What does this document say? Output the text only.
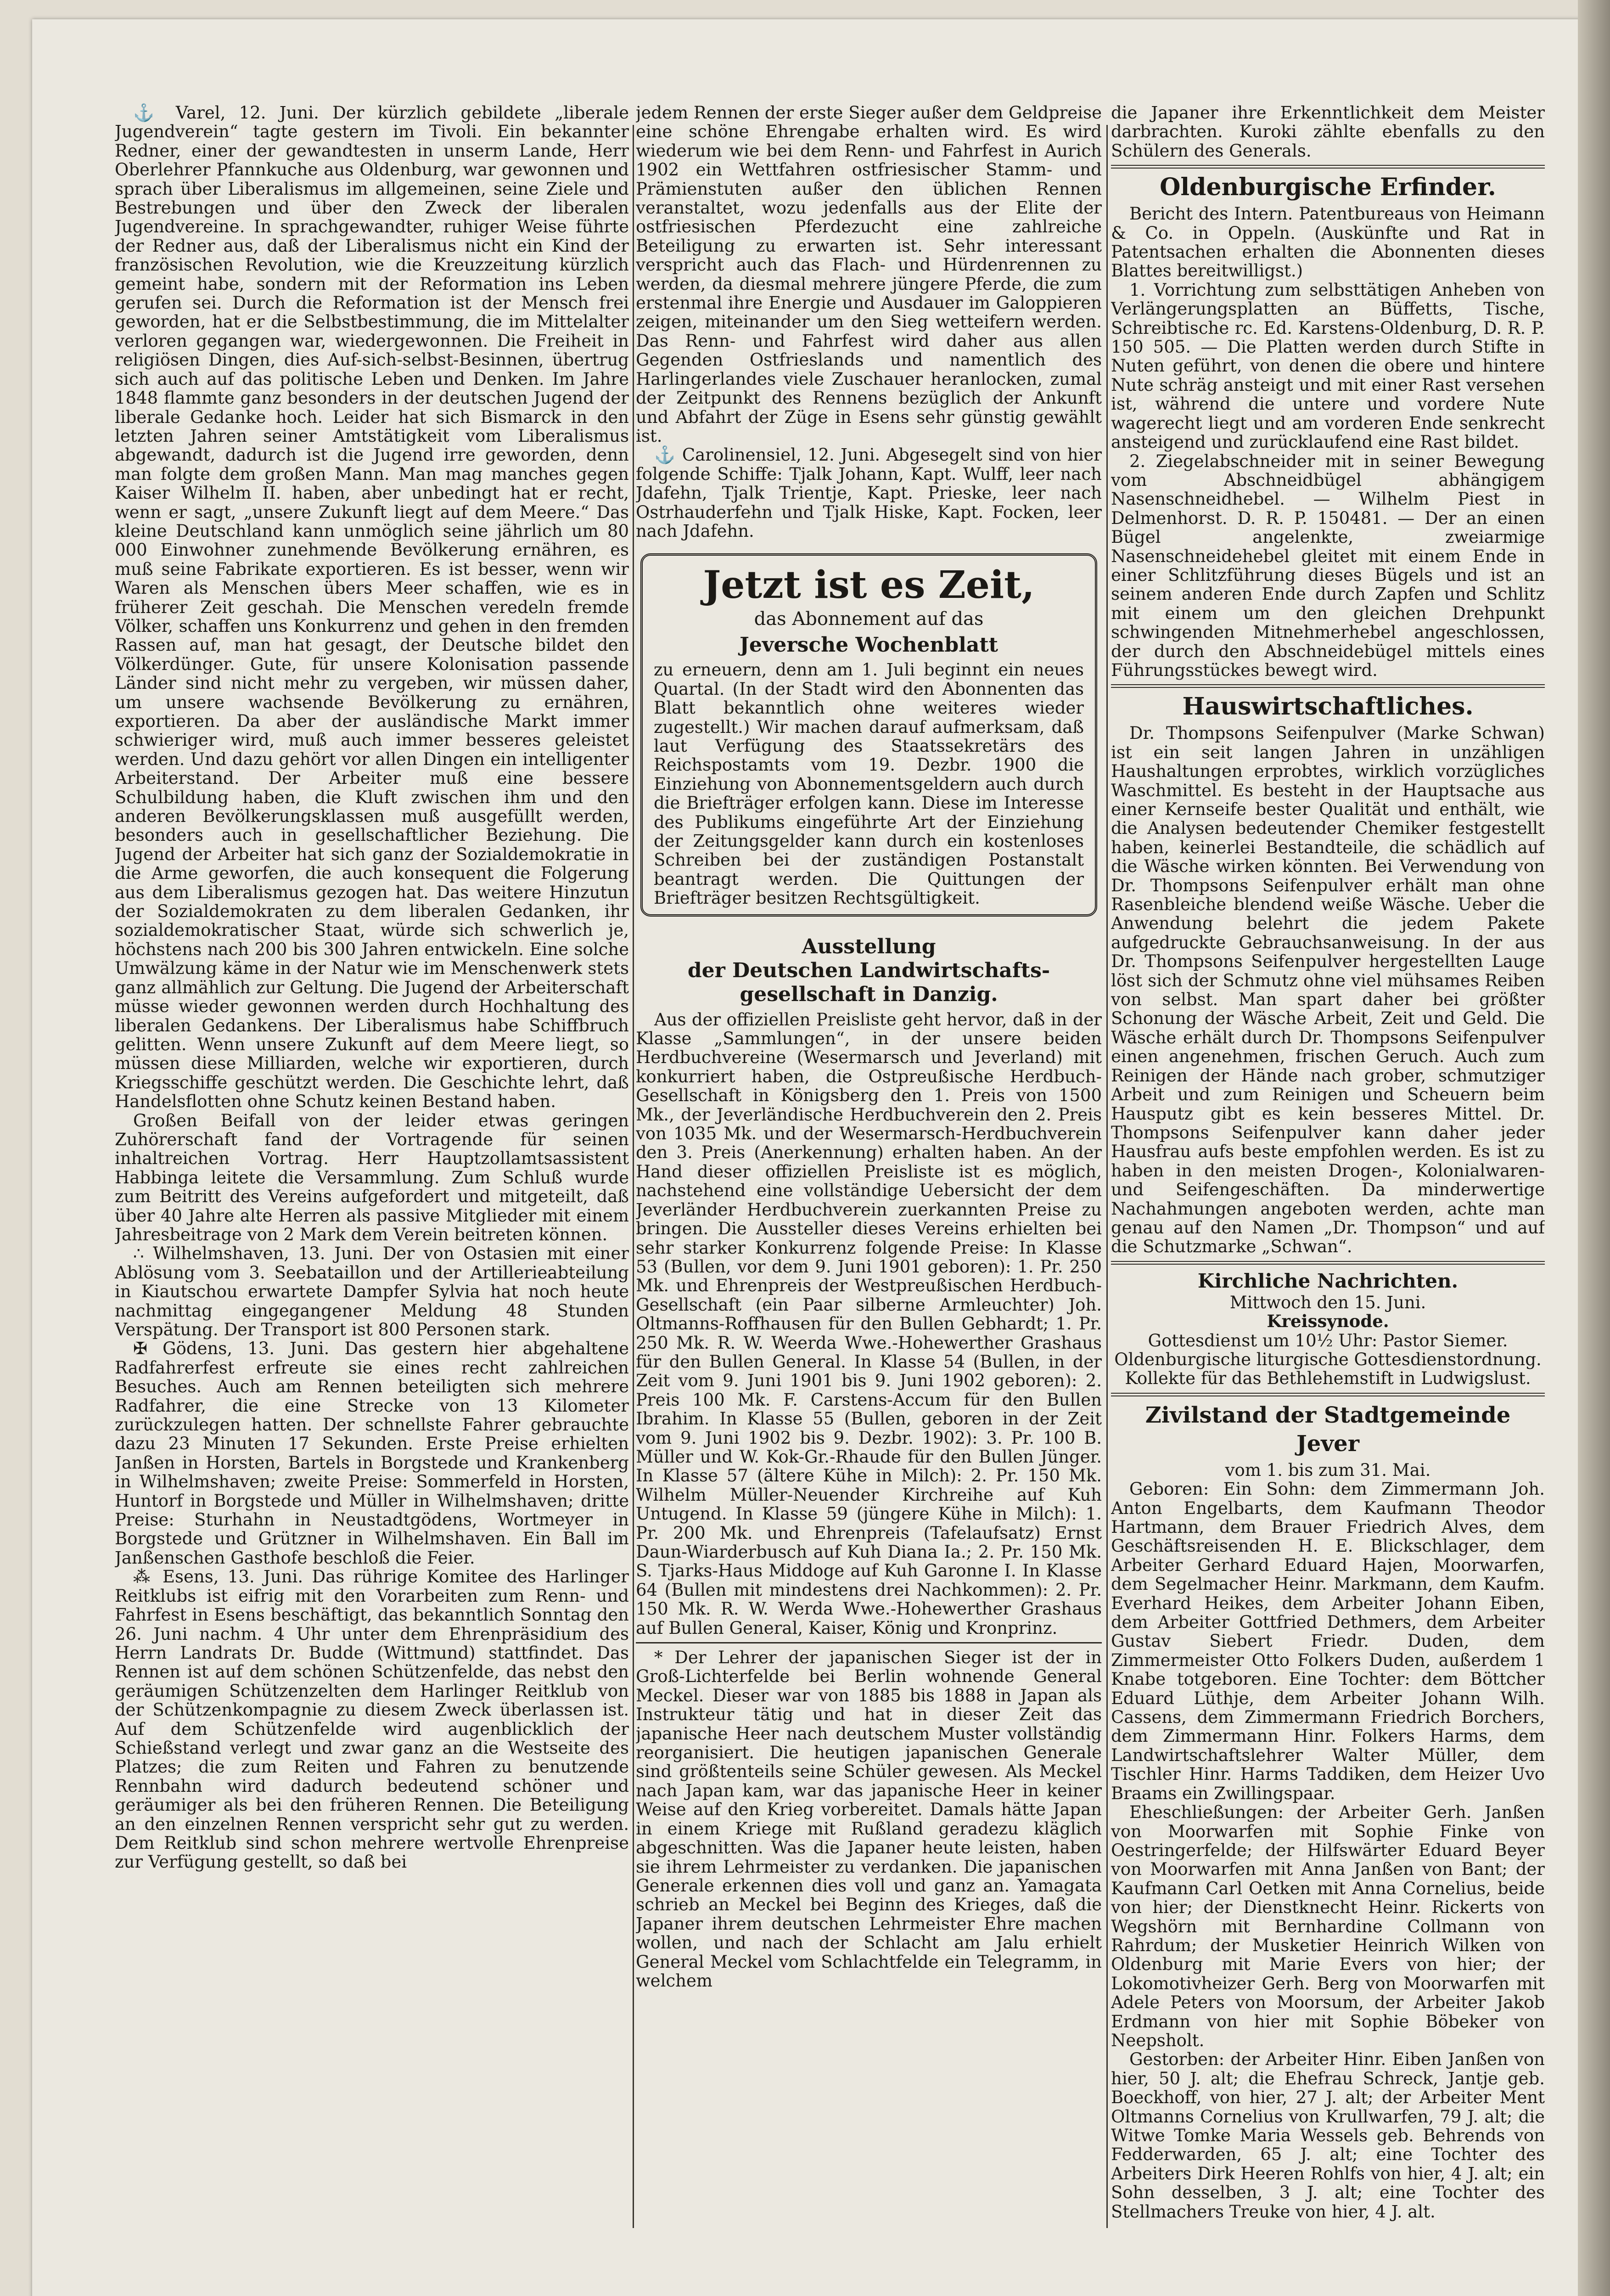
⚓ Varel, 12. Juni. Der kürzlich gebildete „liberale Jugendverein“ tagte gestern im Tivoli. Ein bekannter Redner, einer der gewandtesten in unserm Lande, Herr Oberlehrer Pfannkuche aus Oldenburg, war gewonnen und sprach über Liberalismus im allgemeinen, seine Ziele und Bestrebungen und über den Zweck der liberalen Jugendvereine. In sprachgewandter, ruhiger Weise führte der Redner aus, daß der Liberalismus nicht ein Kind der französischen Revolution, wie die Kreuzzeitung kürzlich gemeint habe, sondern mit der Reformation ins Leben gerufen sei. Durch die Reformation ist der Mensch frei geworden, hat er die Selbstbestimmung, die im Mittelalter verloren gegangen war, wiedergewonnen. Die Freiheit in religiösen Dingen, dies Auf-sich-selbst-Besinnen, übertrug sich auch auf das politische Leben und Denken. Im Jahre 1848 flammte ganz besonders in der deutschen Jugend der liberale Gedanke hoch. Leider hat sich Bismarck in den letzten Jahren seiner Amtstätigkeit vom Liberalismus abgewandt, dadurch ist die Jugend irre geworden, denn man folgte dem großen Mann. Man mag manches gegen Kaiser Wilhelm II. haben, aber unbedingt hat er recht, wenn er sagt, „unsere Zukunft liegt auf dem Meere.“ Das kleine Deutschland kann unmöglich seine jährlich um 80 000 Einwohner zunehmende Bevölkerung ernähren, es muß seine Fabrikate exportieren. Es ist besser, wenn wir Waren als Menschen übers Meer schaffen, wie es in früherer Zeit geschah. Die Menschen veredeln fremde Völker, schaffen uns Konkurrenz und gehen in den fremden Rassen auf, man hat gesagt, der Deutsche bildet den Völkerdünger. Gute, für unsere Kolonisation passende Länder sind nicht mehr zu vergeben, wir müssen daher, um unsere wachsende Bevölkerung zu ernähren, exportieren. Da aber der ausländische Markt immer schwieriger wird, muß auch immer besseres geleistet werden. Und dazu gehört vor allen Dingen ein intelligenter Arbeiterstand. Der Arbeiter muß eine bessere Schulbildung haben, die Kluft zwischen ihm und den anderen Bevölkerungsklassen muß ausgefüllt werden, besonders auch in gesellschaftlicher Beziehung. Die Jugend der Arbeiter hat sich ganz der Sozialdemokratie in die Arme geworfen, die auch konsequent die Folgerung aus dem Liberalismus gezogen hat. Das weitere Hinzutun der Sozialdemokraten zu dem liberalen Gedanken, ihr sozialdemokratischer Staat, würde sich schwerlich je, höchstens nach 200 bis 300 Jahren entwickeln. Eine solche Umwälzung käme in der Natur wie im Menschenwerk stets ganz allmählich zur Geltung. Die Jugend der Arbeiterschaft müsse wieder gewonnen werden durch Hochhaltung des liberalen Gedankens. Der Liberalismus habe Schiffbruch gelitten. Wenn unsere Zukunft auf dem Meere liegt, so müssen diese Milliarden, welche wir exportieren, durch Kriegsschiffe geschützt werden. Die Geschichte lehrt, daß Handelsflotten ohne Schutz keinen Bestand haben.

Großen Beifall von der leider etwas geringen Zuhörerschaft fand der Vortragende für seinen inhaltreichen Vortrag. Herr Hauptzollamtsassistent Habbinga leitete die Versammlung. Zum Schluß wurde zum Beitritt des Vereins aufgefordert und mitgeteilt, daß über 40 Jahre alte Herren als passive Mitglieder mit einem Jahresbeitrage von 2 Mark dem Verein beitreten können.

∴ Wilhelmshaven, 13. Juni. Der von Ostasien mit einer Ablösung vom 3. Seebataillon und der Artillerieabteilung in Kiautschou erwartete Dampfer Sylvia hat noch heute nachmittag eingegangener Meldung 48 Stunden Verspätung. Der Transport ist 800 Personen stark.

✠ Gödens, 13. Juni. Das gestern hier abgehaltene Radfahrerfest erfreute sie eines recht zahlreichen Besuches. Auch am Rennen beteiligten sich mehrere Radfahrer, die eine Strecke von 13 Kilometer zurückzulegen hatten. Der schnellste Fahrer gebrauchte dazu 23 Minuten 17 Sekunden. Erste Preise erhielten Janßen in Horsten, Bartels in Borgstede und Krankenberg in Wilhelmshaven; zweite Preise: Sommerfeld in Horsten, Huntorf in Borgstede und Müller in Wilhelmshaven; dritte Preise: Sturhahn in Neustadtgödens, Wortmeyer in Borgstede und Grützner in Wilhelmshaven. Ein Ball im Janßenschen Gasthofe beschloß die Feier.

⁂ Esens, 13. Juni. Das rührige Komitee des Harlinger Reitklubs ist eifrig mit den Vorarbeiten zum Renn- und Fahrfest in Esens beschäftigt, das bekanntlich Sonntag den 26. Juni nachm. 4 Uhr unter dem Ehrenpräsidium des Herrn Landrats Dr. Budde (Wittmund) stattfindet. Das Rennen ist auf dem schönen Schützenfelde, das nebst den geräumigen Schützenzelten dem Harlinger Reitklub von der Schützenkompagnie zu diesem Zweck überlassen ist. Auf dem Schützenfelde wird augenblicklich der Schießstand verlegt und zwar ganz an die Westseite des Platzes; die zum Reiten und Fahren zu benutzende Rennbahn wird dadurch bedeutend schöner und geräumiger als bei den früheren Rennen. Die Beteiligung an den einzelnen Rennen verspricht sehr gut zu werden. Dem Reitklub sind schon mehrere wertvolle Ehrenpreise zur Verfügung gestellt, so daß bei

jedem Rennen der erste Sieger außer dem Geldpreise eine schöne Ehrengabe erhalten wird. Es wird wiederum wie bei dem Renn- und Fahrfest in Aurich 1902 ein Wettfahren ostfriesischer Stamm- und Prämienstuten außer den üblichen Rennen veranstaltet, wozu jedenfalls aus der Elite der ostfriesischen Pferdezucht eine zahlreiche Beteiligung zu erwarten ist. Sehr interessant verspricht auch das Flach- und Hürdenrennen zu werden, da diesmal mehrere jüngere Pferde, die zum erstenmal ihre Energie und Ausdauer im Galoppieren zeigen, miteinander um den Sieg wetteifern werden. Das Renn- und Fahrfest wird daher aus allen Gegenden Ostfrieslands und namentlich des Harlingerlandes viele Zuschauer heranlocken, zumal der Zeitpunkt des Rennens bezüglich der Ankunft und Abfahrt der Züge in Esens sehr günstig gewählt ist.

⚓ Carolinensiel, 12. Juni. Abgesegelt sind von hier folgende Schiffe: Tjalk Johann, Kapt. Wulff, leer nach Jdafehn, Tjalk Trientje, Kapt. Prieske, leer nach Ostrhauderfehn und Tjalk Hiske, Kapt. Focken, leer nach Jdafehn.

Jetzt ist es Zeit,
das Abonnement auf das
Jeversche Wochenblatt

zu erneuern, denn am 1. Juli beginnt ein neues Quartal. (In der Stadt wird den Abonnenten das Blatt bekanntlich ohne weiteres wieder zugestellt.) Wir machen darauf aufmerksam, daß laut Verfügung des Staatssekretärs des Reichspostamts vom 19. Dezbr. 1900 die Einziehung von Abonnementsgeldern auch durch die Briefträger erfolgen kann. Diese im Interesse des Publikums eingeführte Art der Einziehung der Zeitungsgelder kann durch ein kostenloses Schreiben bei der zuständigen Postanstalt beantragt werden. Die Quittungen der Briefträger besitzen Rechtsgültigkeit.

Ausstellung
der Deutschen Landwirtschafts-
gesellschaft in Danzig.

Aus der offiziellen Preisliste geht hervor, daß in der Klasse „Sammlungen“, in der unsere beiden Herdbuchvereine (Wesermarsch und Jeverland) mit konkurriert haben, die Ostpreußische Herdbuch-Gesellschaft in Königsberg den 1. Preis von 1500 Mk., der Jeverländische Herdbuchverein den 2. Preis von 1035 Mk. und der Wesermarsch-Herdbuchverein den 3. Preis (Anerkennung) erhalten haben. An der Hand dieser offiziellen Preisliste ist es möglich, nachstehend eine vollständige Uebersicht der dem Jeverländer Herdbuchverein zuerkannten Preise zu bringen. Die Aussteller dieses Vereins erhielten bei sehr starker Konkurrenz folgende Preise: In Klasse 53 (Bullen, vor dem 9. Juni 1901 geboren): 1. Pr. 250 Mk. und Ehrenpreis der Westpreußischen Herdbuch-Gesellschaft (ein Paar silberne Armleuchter) Joh. Oltmanns-Roffhausen für den Bullen Gebhardt; 1. Pr. 250 Mk. R. W. Weerda Wwe.-Hohewerther Grashaus für den Bullen General. In Klasse 54 (Bullen, in der Zeit vom 9. Juni 1901 bis 9. Juni 1902 geboren): 2. Preis 100 Mk. F. Carstens-Accum für den Bullen Ibrahim. In Klasse 55 (Bullen, geboren in der Zeit vom 9. Juni 1902 bis 9. Dezbr. 1902): 3. Pr. 100 B. Müller und W. Kok-Gr.-Rhaude für den Bullen Jünger. In Klasse 57 (ältere Kühe in Milch): 2. Pr. 150 Mk. Wilhelm Müller-Neuender Kirchreihe auf Kuh Untugend. In Klasse 59 (jüngere Kühe in Milch): 1. Pr. 200 Mk. und Ehrenpreis (Tafelaufsatz) Ernst Daun-Wiarderbusch auf Kuh Diana Ia.; 2. Pr. 150 Mk. S. Tjarks-Haus Middoge auf Kuh Garonne I. In Klasse 64 (Bullen mit mindestens drei Nachkommen): 2. Pr. 150 Mk. R. W. Werda Wwe.-Hohewerther Grashaus auf Bullen General, Kaiser, König und Kronprinz.

* Der Lehrer der japanischen Sieger ist der in Groß-Lichterfelde bei Berlin wohnende General Meckel. Dieser war von 1885 bis 1888 in Japan als Instrukteur tätig und hat in dieser Zeit das japanische Heer nach deutschem Muster vollständig reorganisiert. Die heutigen japanischen Generale sind größtenteils seine Schüler gewesen. Als Meckel nach Japan kam, war das japanische Heer in keiner Weise auf den Krieg vorbereitet. Damals hätte Japan in einem Kriege mit Rußland geradezu kläglich abgeschnitten. Was die Japaner heute leisten, haben sie ihrem Lehrmeister zu verdanken. Die japanischen Generale erkennen dies voll und ganz an. Yamagata schrieb an Meckel bei Beginn des Krieges, daß die Japaner ihrem deutschen Lehrmeister Ehre machen wollen, und nach der Schlacht am Jalu erhielt General Meckel vom Schlachtfelde ein Telegramm, in welchem

die Japaner ihre Erkenntlichkeit dem Meister darbrachten. Kuroki zählte ebenfalls zu den Schülern des Generals.

Oldenburgische Erfinder.

Bericht des Intern. Patentbureaus von Heimann & Co. in Oppeln. (Auskünfte und Rat in Patentsachen erhalten die Abonnenten dieses Blattes bereitwilligst.)

1. Vorrichtung zum selbsttätigen Anheben von Verlängerungsplatten an Büffetts, Tische, Schreibtische rc. Ed. Karstens-Oldenburg, D. R. P. 150 505. — Die Platten werden durch Stifte in Nuten geführt, von denen die obere und hintere Nute schräg ansteigt und mit einer Rast versehen ist, während die untere und vordere Nute wagerecht liegt und am vorderen Ende senkrecht ansteigend und zurücklaufend eine Rast bildet.

2. Ziegelabschneider mit in seiner Bewegung vom Abschneidbügel abhängigem Nasenschneidhebel. — Wilhelm Piest in Delmenhorst. D. R. P. 150481. — Der an einen Bügel angelenkte, zweiarmige Nasenschneidehebel gleitet mit einem Ende in einer Schlitzführung dieses Bügels und ist an seinem anderen Ende durch Zapfen und Schlitz mit einem um den gleichen Drehpunkt schwingenden Mitnehmerhebel angeschlossen, der durch den Abschneidebügel mittels eines Führungsstückes bewegt wird.

Hauswirtschaftliches.

Dr. Thompsons Seifenpulver (Marke Schwan) ist ein seit langen Jahren in unzähligen Haushaltungen erprobtes, wirklich vorzügliches Waschmittel. Es besteht in der Hauptsache aus einer Kernseife bester Qualität und enthält, wie die Analysen bedeutender Chemiker festgestellt haben, keinerlei Bestandteile, die schädlich auf die Wäsche wirken könnten. Bei Verwendung von Dr. Thompsons Seifenpulver erhält man ohne Rasenbleiche blendend weiße Wäsche. Ueber die Anwendung belehrt die jedem Pakete aufgedruckte Gebrauchsanweisung. In der aus Dr. Thompsons Seifenpulver hergestellten Lauge löst sich der Schmutz ohne viel mühsames Reiben von selbst. Man spart daher bei größter Schonung der Wäsche Arbeit, Zeit und Geld. Die Wäsche erhält durch Dr. Thompsons Seifenpulver einen angenehmen, frischen Geruch. Auch zum Reinigen der Hände nach grober, schmutziger Arbeit und zum Reinigen und Scheuern beim Hausputz gibt es kein besseres Mittel. Dr. Thompsons Seifenpulver kann daher jeder Hausfrau aufs beste empfohlen werden. Es ist zu haben in den meisten Drogen-, Kolonialwaren- und Seifengeschäften. Da minderwertige Nachahmungen angeboten werden, achte man genau auf den Namen „Dr. Thompson“ und auf die Schutzmarke „Schwan“.

Kirchliche Nachrichten.
Mittwoch den 15. Juni.
Kreissynode.
Gottesdienst um 10½ Uhr: Pastor Siemer.
Oldenburgische liturgische Gottesdienstordnung.
Kollekte für das Bethlehemstift in Ludwigslust.
Zivilstand der Stadtgemeinde Jever
vom 1. bis zum 31. Mai.

Geboren: Ein Sohn: dem Zimmermann Joh. Anton Engelbarts, dem Kaufmann Theodor Hartmann, dem Brauer Friedrich Alves, dem Geschäftsreisenden H. E. Blickschlager, dem Arbeiter Gerhard Eduard Hajen, Moorwarfen, dem Segelmacher Heinr. Markmann, dem Kaufm. Everhard Heikes, dem Arbeiter Johann Eiben, dem Arbeiter Gottfried Dethmers, dem Arbeiter Gustav Siebert Friedr. Duden, dem Zimmermeister Otto Folkers Duden, außerdem 1 Knabe totgeboren. Eine Tochter: dem Böttcher Eduard Lüthje, dem Arbeiter Johann Wilh. Cassens, dem Zimmermann Friedrich Borchers, dem Zimmermann Hinr. Folkers Harms, dem Landwirtschaftslehrer Walter Müller, dem Tischler Hinr. Harms Taddiken, dem Heizer Uvo Braams ein Zwillingspaar.

Eheschließungen: der Arbeiter Gerh. Janßen von Moorwarfen mit Sophie Finke von Oestringerfelde; der Hilfswärter Eduard Beyer von Moorwarfen mit Anna Janßen von Bant; der Kaufmann Carl Oetken mit Anna Cornelius, beide von hier; der Dienstknecht Heinr. Rickerts von Wegshörn mit Bernhardine Collmann von Rahrdum; der Musketier Heinrich Wilken von Oldenburg mit Marie Evers von hier; der Lokomotivheizer Gerh. Berg von Moorwarfen mit Adele Peters von Moorsum, der Arbeiter Jakob Erdmann von hier mit Sophie Böbeker von Neepsholt.

Gestorben: der Arbeiter Hinr. Eiben Janßen von hier, 50 J. alt; die Ehefrau Schreck, Jantje geb. Boeckhoff, von hier, 27 J. alt; der Arbeiter Ment Oltmanns Cornelius von Krullwarfen, 79 J. alt; die Witwe Tomke Maria Wessels geb. Behrends von Fedderwarden, 65 J. alt; eine Tochter des Arbeiters Dirk Heeren Rohlfs von hier, 4 J. alt; ein Sohn desselben, 3 J. alt; eine Tochter des Stellmachers Treuke von hier, 4 J. alt.
